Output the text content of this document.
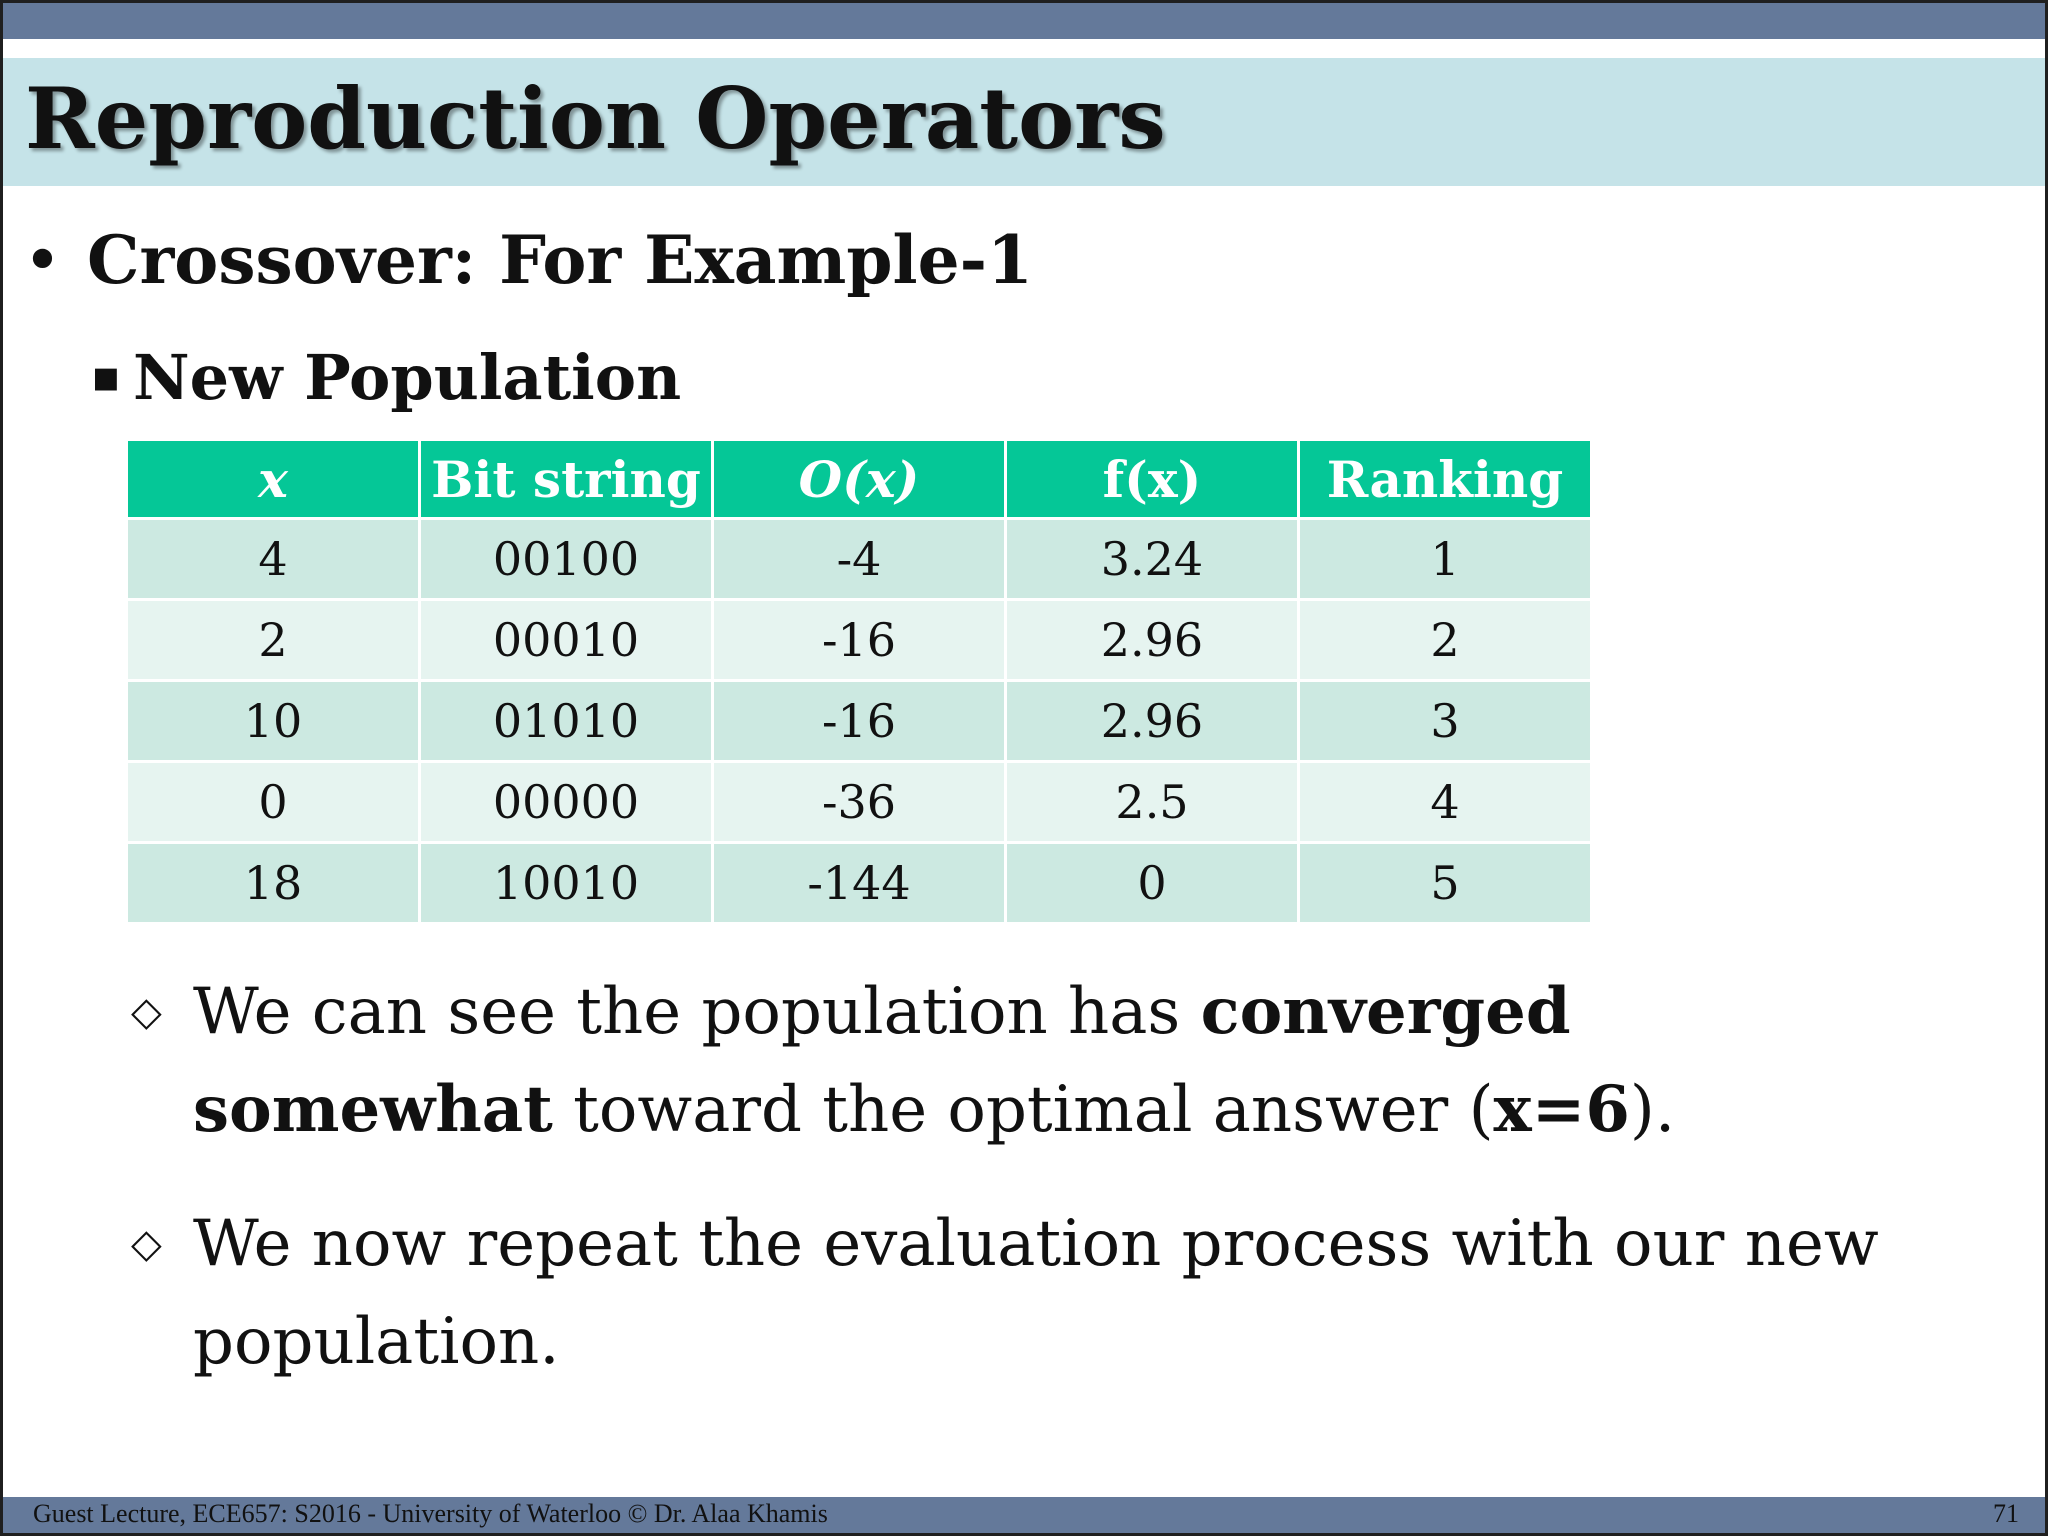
Reproduction Operators
• Crossover: For Example-1
▪ New Population
x	Bit string	O(x)	f(x)	Ranking
4	00100	-4	3.24	1
2	00010	-16	2.96	2
10	01010	-16	2.96	3
0	00000	-36	2.5	4
18	10010	-144	0	5
◇ We can see the population has converged somewhat toward the optimal answer (x=6).
◇ We now repeat the evaluation process with our new population.
Guest Lecture, ECE657: S2016 - University of Waterloo © Dr. Alaa Khamis	71
